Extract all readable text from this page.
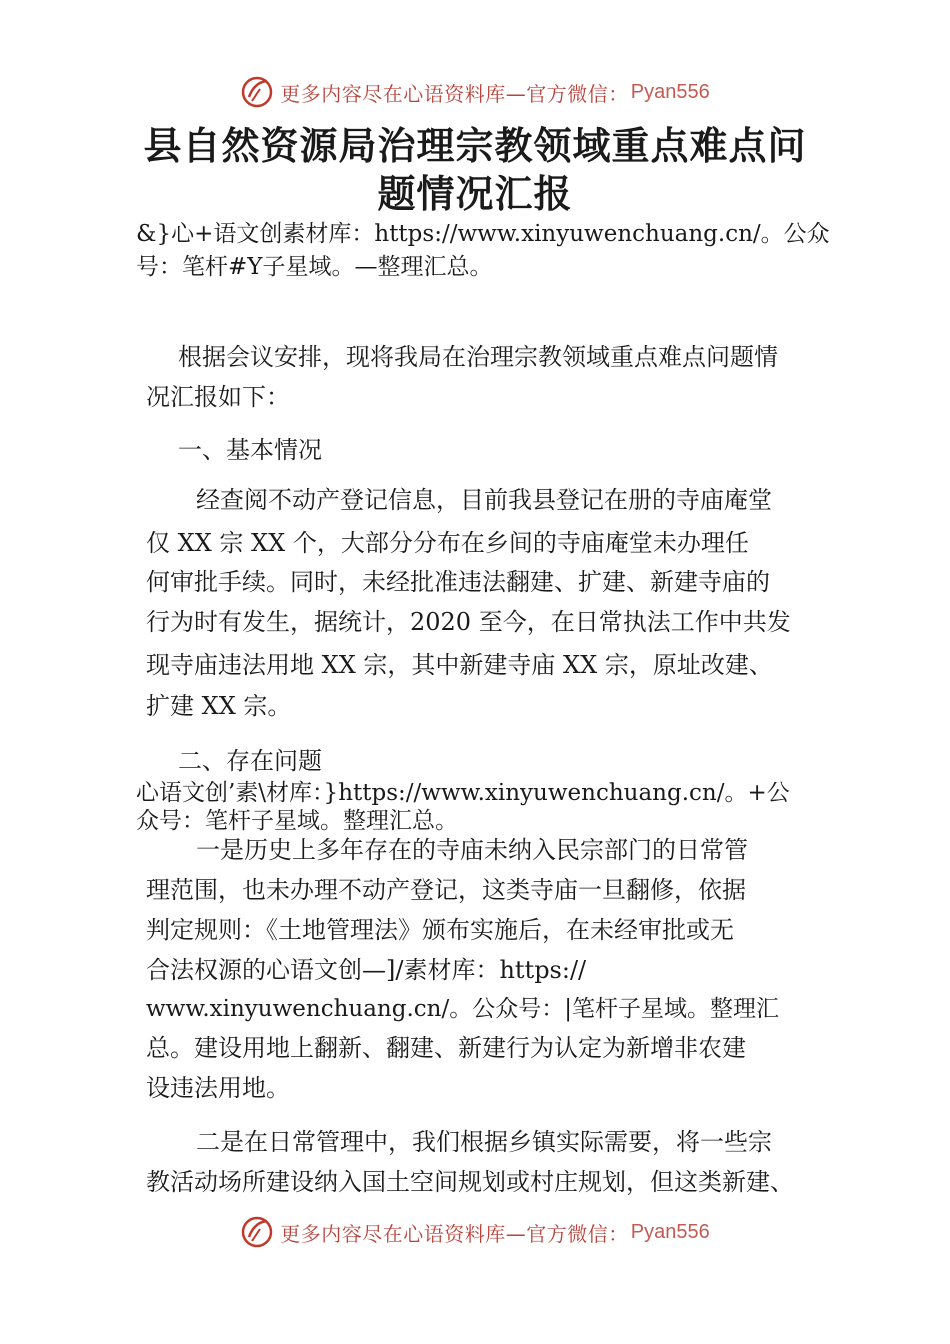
更多内容尽在心语资料库—官方微信： Pyan556
县自然资源局治理宗教领域重点难点问
题情况汇报
&}心+语文创素材库：https://www.xinyuwenchuang.cn/。公众
号：笔杆#Y子星域。—整理汇总。
根据会议安排，现将我局在治理宗教领域重点难点问题情
况汇报如下：
一、基本情况
经查阅不动产登记信息，目前我县登记在册的寺庙庵堂
仅 XX 宗 XX 个，大部分分布在乡间的寺庙庵堂未办理任
何审批手续。同时，未经批准违法翻建、扩建、新建寺庙的
行为时有发生，据统计，2020 至今，在日常执法工作中共发
现寺庙违法用地 XX 宗，其中新建寺庙 XX 宗，原址改建、
扩建 XX 宗。
二、存在问题
心语文创’素\材库：}https://www.xinyuwenchuang.cn/。+公
众号：笔杆子星域。整理汇总。
一是历史上多年存在的寺庙未纳入民宗部门的日常管
理范围，也未办理不动产登记，这类寺庙一旦翻修，依据
判定规则：《土地管理法》颁布实施后，在未经审批或无
合法权源的心语文创—]/素材库：https://
www.xinyuwenchuang.cn/。公众号：|笔杆子星域。整理汇
总。建设用地上翻新、翻建、新建行为认定为新增非农建
设违法用地。
二是在日常管理中，我们根据乡镇实际需要，将一些宗
教活动场所建设纳入国土空间规划或村庄规划，但这类新建、
更多内容尽在心语资料库—官方微信： Pyan556
